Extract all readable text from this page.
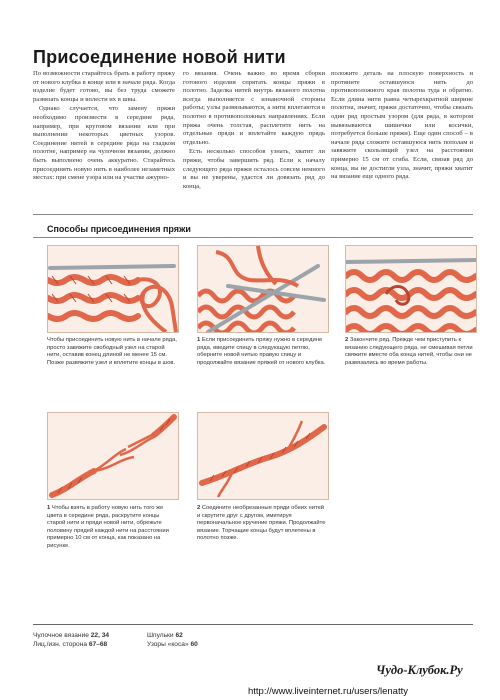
Присоединение новой нити

По возможности старайтесь брать в работу пряжу от нового клубка в конце или в начале ряда. Когда изделие будет готово, вы без труда сможете развязать концы и вплести их в швы.

Однако случается, что замену пряжи необходимо произвести в середине ряда, например, при круговом вязании или при выполнении некоторых цветных узоров. Соединение нитей в середине ряда на гладком полотне, например на чулочном вязании, должно быть выполнено очень аккуратно. Старайтесь присоединять новую нить в наиболее незаметных местах: при смене узора или на участке ажурно-

го вязания. Очень важно во время сборки готового изделия спрятать концы пряжи в полотно. Заделка нитей внутрь вязаного полотна всегда выполняется с изнаночной стороны работы; узлы развязываются, а нити вплетаются в полотно в противоположных направлениях. Если пряжа очень толстая, расплетите нить на отдельные пряди и вплетайте каждую прядь отдельно.

Есть несколько способов узнать, хватит ли пряжи, чтобы завершить ряд. Если к началу следующего ряда пряжи осталось совсем немного и вы не уверены, удастся ли довязать ряд до конца,

положите деталь на плоскую поверхность и протяните оставшуюся нить до противоположного края полотна туда и обратно. Если длина нити равна четырехкратной ширине полотна, значит, пряжи достаточно, чтобы связать один ряд простым узором (для ряда, в котором вывязываются шишечки или косички, потребуется больше пряжи). Еще один способ – в начале ряда сложите оставшуюся нить пополам и завяжите скользящий узел на расстоянии примерно 15 см от сгиба. Если, связав ряд до конца, вы не достигли узла, значит, пряжи хватит на вязание еще одного ряда.

Способы присоединения пряжи
Чтобы присоединить новую нить в начале ряда, просто завяжите свободный узел на старой нити, оставив конец длиной не менее 15 см. Позже развяжите узел и вплетите концы в шов.
1 Если присоединить пряжу нужно в середине ряда, введите спицу в следующую петлю, оберните новой нитью правую спицу и продолжайте вязание пряжей от нового клубка.
2 Закончите ряд. Прежде чем приступить к вязанию следующего ряда, не смешивая петли свяжите вместе оба конца нитей, чтобы они не развязались во время работы.
1 Чтобы взять в работу новую нить того же цвета в середине ряда, раскрутите концы старой нити и пряди новой нити, обрежьте половину прядей каждой нити на расстоянии примерно 10 см от конца, как показано на рисунке.
2 Соедините необрезанные пряди обеих нитей и скрутите друг с другом, имитируя первоначальное кручение пряжи. Продолжайте вязание. Торчащие концы будут вплетены в полотно позже.
Чулочное вязание 22, 34
Лиц./изн. сторона 67–68
Шпульки 62
Узоры «коса» 60
Чудо-Клубок.Ру
http://www.liveinternet.ru/users/lenatty
